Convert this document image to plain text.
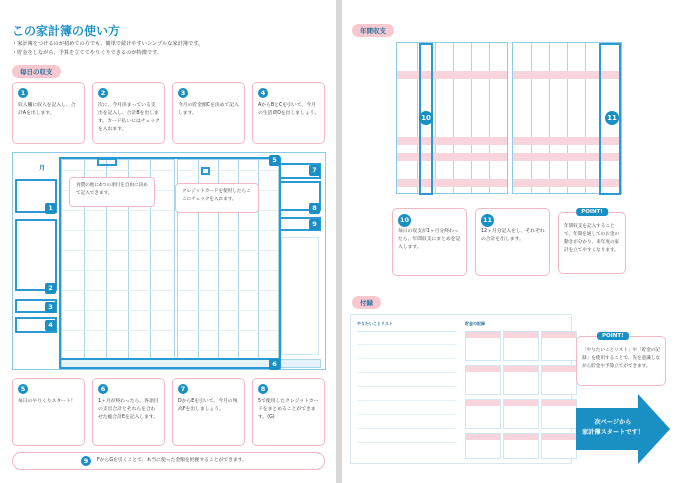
この家計簿の使い方
・家計簿をつけるのが初めての方でも、簡単で続けやすいシンプルな家計簿です。
・貯金をしながら、予算を立ててやりくりできるのが特徴です。
毎日の収支
1
収入欄に収入を記入し、合計Aを出します。
2
次に、今月決まっている支出を記入し、合計Bを出します。カード払いにはチェックを入れます。
3
今月の貯金額Cを決めて記入します。
4
AからBとCを引いて、今月の生活費Dを出しましょう。
月
食費の他に4つの項目を自由に決めて記入できます。	クレジットカードを使用したらここにチェックを入れます。
1
2
3
4
5
6
7
8
9
5
毎日のやりくりスタート！
6
1ヶ月が終わったら、各項目の支出合計とそれらを合わせた総合計Eを記入します。
7
DからEを引いて、今月の残高Fを出しましょう。
8
5で使用したクレジットカードをまとめることができます。(G)
9	FからGを引くことで、本当に使った金額を把握することができます。
年間収支
10	11
10
毎日の収支が1ヶ月分終わったら、年間収支にまとめを記入します。
11
12ヶ月分記入をし、それぞれの合計を出します。
POINT!
年間収支を記入することで、年間を通してのお金の動きが分かり、来年度の家計を立てやすくなります。
付録
やりたいことリスト	貯金の記録
POINT!
「やりたいことリスト」や「貯金の記録」を使用することで、先を意識しながら貯金や予算立てができます。
次ページから
家計簿スタートです！
